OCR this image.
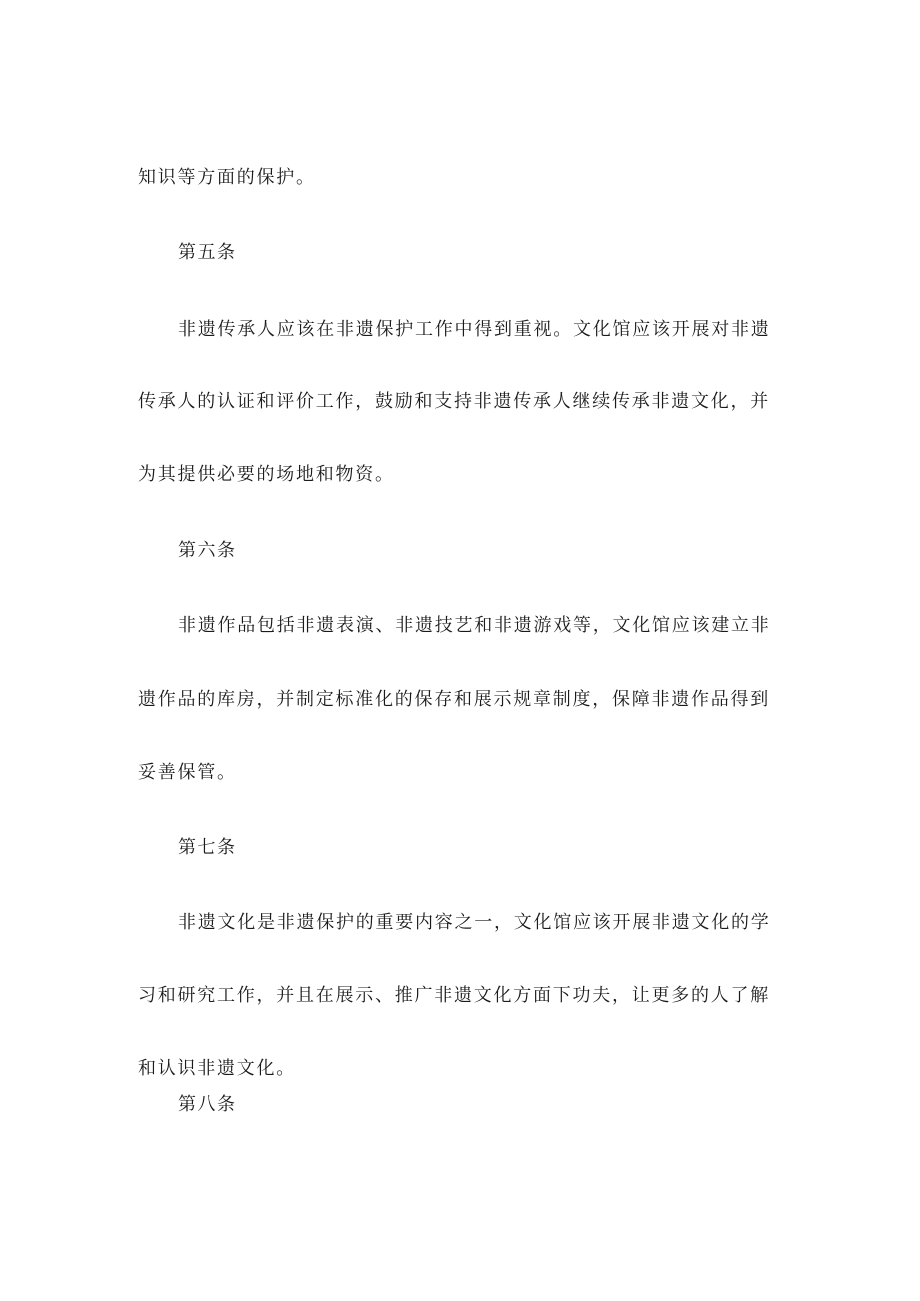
知识等方面的保护。
第五条
非遗传承人应该在非遗保护工作中得到重视。文化馆应该开展对非遗
传承人的认证和评价工作，鼓励和支持非遗传承人继续传承非遗文化，并
为其提供必要的场地和物资。
第六条
非遗作品包括非遗表演、非遗技艺和非遗游戏等，文化馆应该建立非
遗作品的库房，并制定标准化的保存和展示规章制度，保障非遗作品得到
妥善保管。
第七条
非遗文化是非遗保护的重要内容之一，文化馆应该开展非遗文化的学
习和研究工作，并且在展示、推广非遗文化方面下功夫，让更多的人了解
和认识非遗文化。
第八条
